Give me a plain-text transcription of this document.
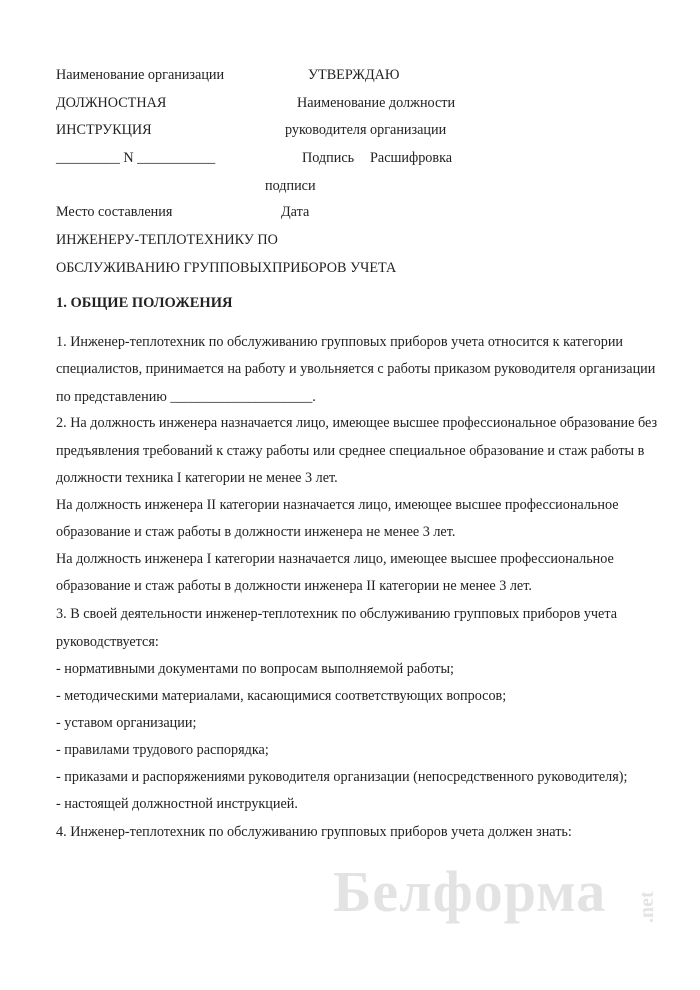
Наименование организации	УТВЕРЖДАЮ
ДОЛЖНОСТНАЯ	Наименование должности
ИНСТРУКЦИЯ	руководителя организации
_________ N ___________	Подпись Расшифровка
подписи
Место составления	Дата
ИНЖЕНЕРУ-ТЕПЛОТЕХНИКУ ПО
ОБСЛУЖИВАНИЮ ГРУППОВЫХПРИБОРОВ УЧЕТА
1. ОБЩИЕ ПОЛОЖЕНИЯ
1. Инженер-теплотехник по обслуживанию групповых приборов учета относится к категории
специалистов, принимается на работу и увольняется с работы приказом руководителя организации
по представлению ____________________.
2. На должность инженера назначается лицо, имеющее высшее профессиональное образование без
предъявления требований к стажу работы или среднее специальное образование и стаж работы в
должности техника I категории не менее 3 лет.
На должность инженера II категории назначается лицо, имеющее высшее профессиональное
образование и стаж работы в должности инженера не менее 3 лет.
На должность инженера I категории назначается лицо, имеющее высшее профессиональное
образование и стаж работы в должности инженера II категории не менее 3 лет.
3. В своей деятельности инженер-теплотехник по обслуживанию групповых приборов учета
руководствуется:
- нормативными документами по вопросам выполняемой работы;
- методическими материалами, касающимися соответствующих вопросов;
- уставом организации;
- правилами трудового распорядка;
- приказами и распоряжениями руководителя организации (непосредственного руководителя);
- настоящей должностной инструкцией.
4. Инженер-теплотехник по обслуживанию групповых приборов учета должен знать:
Белформа .net
